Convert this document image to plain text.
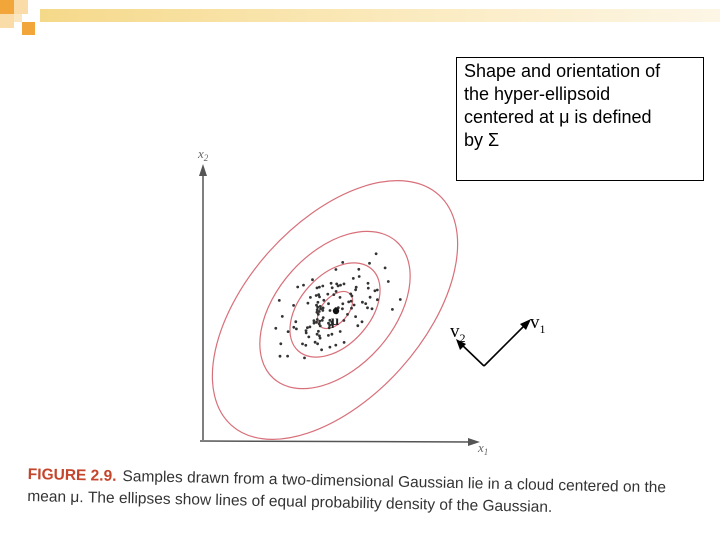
$x_2$
$x_1$
μ	$v_1$
$v_2$
Shape and orientation of
the hyper-ellipsoid
centered at μ is defined
by Σ
FIGURE 2.9. Samples drawn from a two-dimensional Gaussian lie in a cloud centered on the mean μ. The ellipses show lines of equal probability density of the Gaussian.
